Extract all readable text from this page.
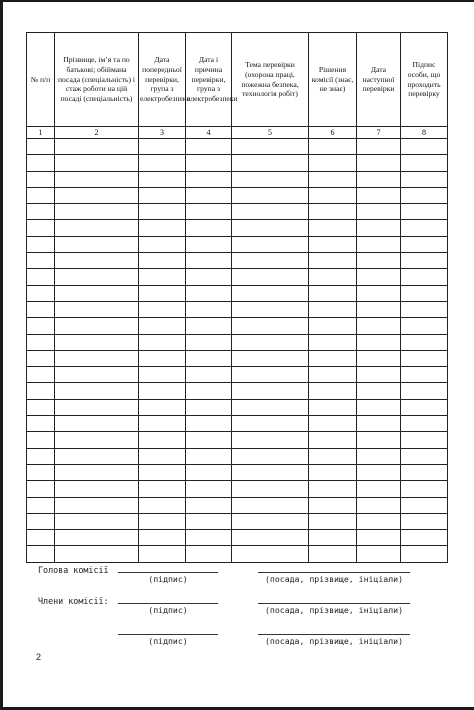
№ п/п	Прізвище, ім’я та по батькові; обіймана посада (спеціальність) і стаж роботи на цій посаді (спеціальність)	Дата попередньої перевірки, група з електробезпеки	Дата і причина перевірки, група з електробезпеки	Тема перевірки (охорона праці, пожежна безпека, технологія робіт)	Рішення комісії (знає, не знає)	Дата наступної перевірки	Підпис особи, що проходить перевірку
1	2	3	4	5	6	7	8

Голова комісії
(підпис)	(посада, прізвище, ініціали)
Члени комісії:
(підпис)	(посада, прізвище, ініціали)
(підпис)	(посада, прізвище, ініціали)
2
